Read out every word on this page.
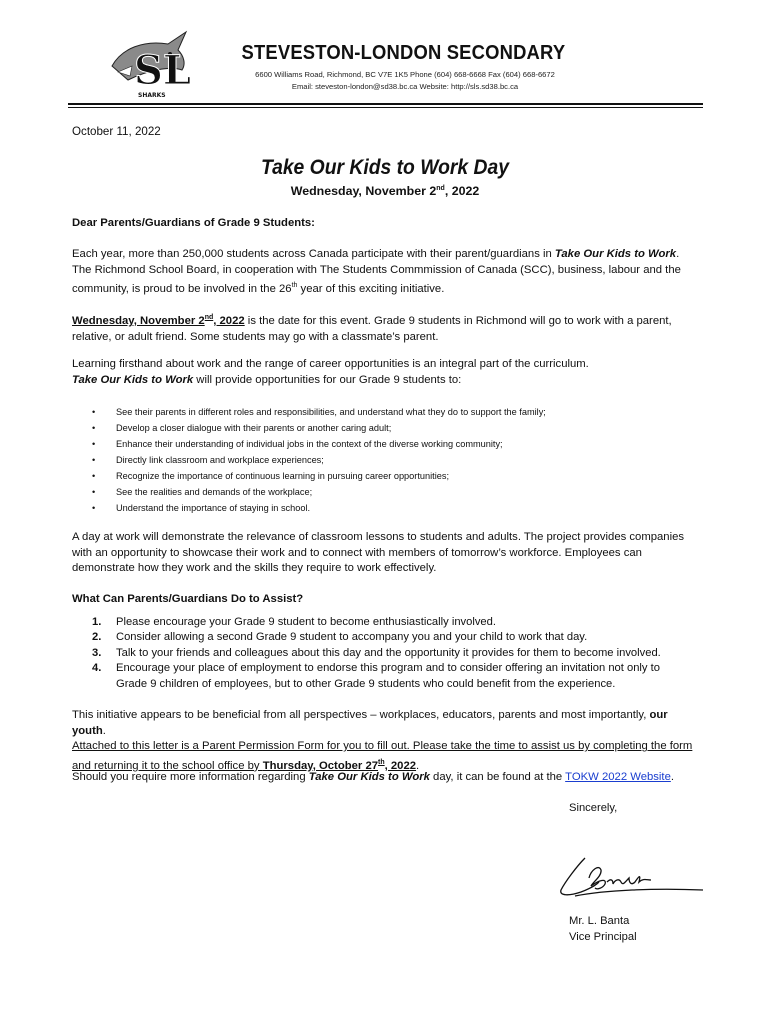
SL
SHARKS
STEVESTON-LONDON SECONDARY
6600 Williams Road, Richmond, BC V7E 1K5 Phone (604) 668-6668 Fax (604) 668-6672
Email: steveston-london@sd38.bc.ca Website: http://sls.sd38.bc.ca
October 11, 2022
Take Our Kids to Work Day
Wednesday, November 2nd, 2022
Dear Parents/Guardians of Grade 9 Students:
Each year, more than 250,000 students across Canada participate with their parent/guardians in Take Our Kids to Work. The Richmond School Board, in cooperation with The Students Commmission of Canada (SCC), business, labour and the community, is proud to be involved in the 26th year of this exciting initiative.
Wednesday, November 2nd, 2022 is the date for this event. Grade 9 students in Richmond will go to work with a parent, relative, or adult friend. Some students may go with a classmate’s parent.
Learning firsthand about work and the range of career opportunities is an integral part of the curriculum.
Take Our Kids to Work will provide opportunities for our Grade 9 students to:
• See their parents in different roles and responsibilities, and understand what they do to support the family;
• Develop a closer dialogue with their parents or another caring adult;
• Enhance their understanding of individual jobs in the context of the diverse working community;
• Directly link classroom and workplace experiences;
• Recognize the importance of continuous learning in pursuing career opportunities;
• See the realities and demands of the workplace;
• Understand the importance of staying in school.
A day at work will demonstrate the relevance of classroom lessons to students and adults. The project provides companies with an opportunity to showcase their work and to connect with members of tomorrow’s workforce. Employees can demonstrate how they work and the skills they require to work effectively.
What Can Parents/Guardians Do to Assist?
1. Please encourage your Grade 9 student to become enthusiastically involved.
2. Consider allowing a second Grade 9 student to accompany you and your child to work that day.
3. Talk to your friends and colleagues about this day and the opportunity it provides for them to become involved.
4. Encourage your place of employment to endorse this program and to consider offering an invitation not only to Grade 9 children of employees, but to other Grade 9 students who could benefit from the experience.
This initiative appears to be beneficial from all perspectives – workplaces, educators, parents and most importantly, our youth.
Attached to this letter is a Parent Permission Form for you to fill out. Please take the time to assist us by completing the form and returning it to the school office by Thursday, October 27th, 2022.
Should you require more information regarding Take Our Kids to Work day, it can be found at the TOKW 2022 Website.
Sincerely,
Mr. L. Banta
Vice Principal
